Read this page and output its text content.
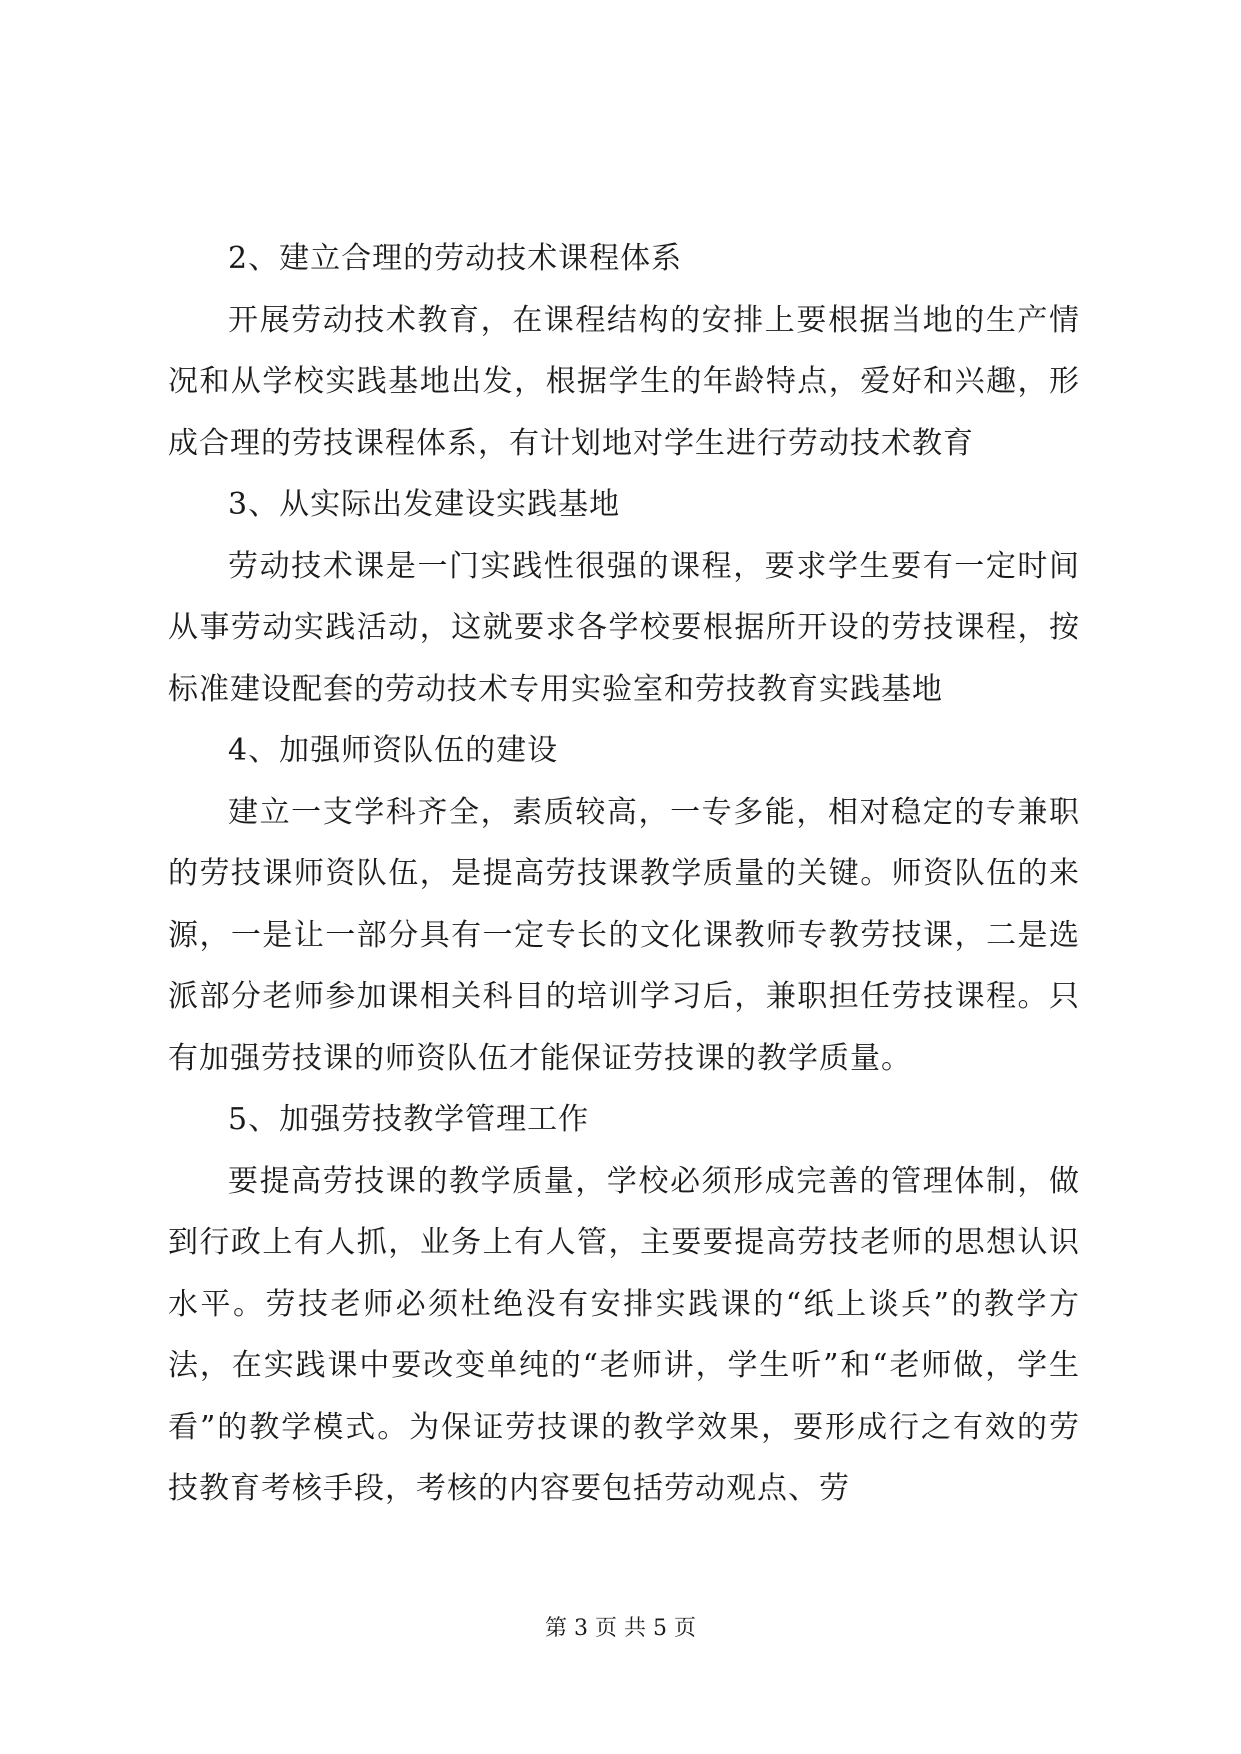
2、建立合理的劳动技术课程体系

开展劳动技术教育，在课程结构的安排上要根据当地的生产情况和从学校实践基地出发，根据学生的年龄特点，爱好和兴趣，形成合理的劳技课程体系，有计划地对学生进行劳动技术教育

3、从实际出发建设实践基地

劳动技术课是一门实践性很强的课程，要求学生要有一定时间从事劳动实践活动，这就要求各学校要根据所开设的劳技课程，按标准建设配套的劳动技术专用实验室和劳技教育实践基地

4、加强师资队伍的建设

建立一支学科齐全，素质较高，一专多能，相对稳定的专兼职的劳技课师资队伍，是提高劳技课教学质量的关键。师资队伍的来源，一是让一部分具有一定专长的文化课教师专教劳技课，二是选派部分老师参加课相关科目的培训学习后，兼职担任劳技课程。只有加强劳技课的师资队伍才能保证劳技课的教学质量。

5、加强劳技教学管理工作

要提高劳技课的教学质量，学校必须形成完善的管理体制，做到行政上有人抓，业务上有人管，主要要提高劳技老师的思想认识水平。劳技老师必须杜绝没有安排实践课的“纸上谈兵”的教学方法，在实践课中要改变单纯的“老师讲，学生听”和“老师做，学生看”的教学模式。为保证劳技课的教学效果，要形成行之有效的劳技教育考核手段，考核的内容要包括劳动观点、劳

第 3 页 共 5 页
